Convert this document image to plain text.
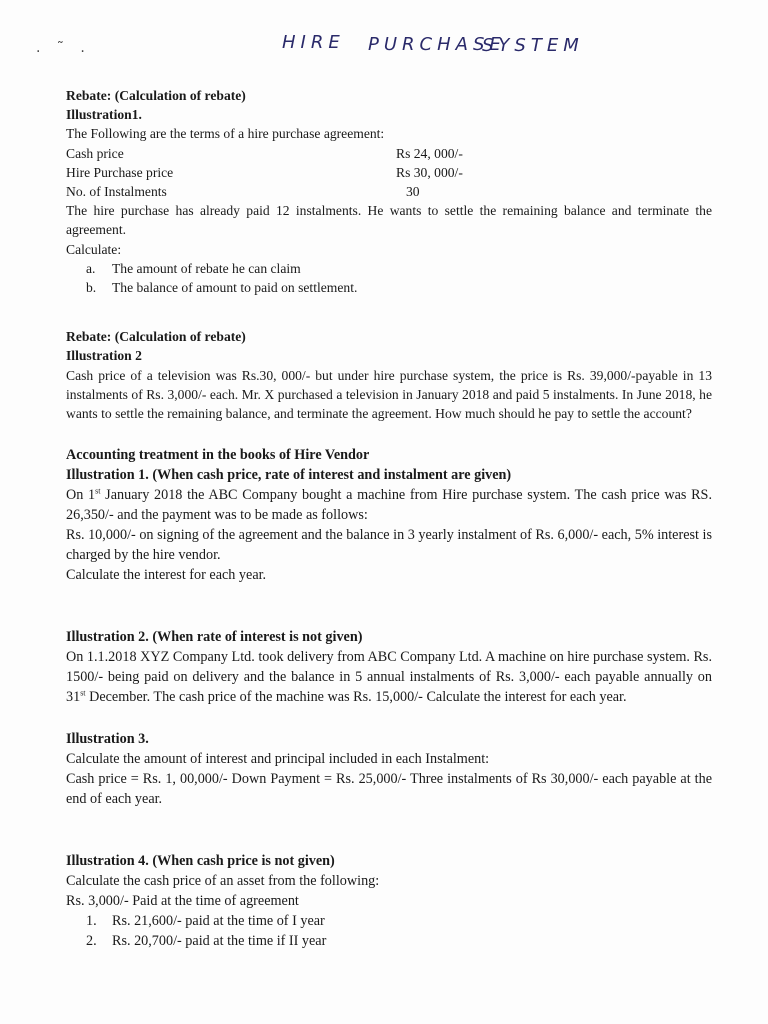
HIRE PURCHASE
SYSTEM
. ˜ .
Rebate: (Calculation of rebate)
Illustration1.
The Following are the terms of a hire purchase agreement:
Cash price	Rs 24, 000/-
Hire Purchase price	Rs 30, 000/-
No. of Instalments	30
The hire purchase has already paid 12 instalments. He wants to settle the remaining balance and terminate the agreement.
Calculate:
a.	The amount of rebate he can claim
b.	The balance of amount to paid on settlement.
Rebate: (Calculation of rebate)
Illustration 2
Cash price of a television was Rs.30, 000/- but under hire purchase system, the price is Rs. 39,000/-payable in 13 instalments of Rs. 3,000/- each. Mr. X purchased a television in January 2018 and paid 5 instalments. In June 2018, he wants to settle the remaining balance, and terminate the agreement. How much should he pay to settle the account?
Accounting treatment in the books of Hire Vendor
Illustration 1. (When cash price, rate of interest and instalment are given)
On 1st January 2018 the ABC Company bought a machine from Hire purchase system. The cash price was RS. 26,350/- and the payment was to be made as follows:
Rs. 10,000/- on signing of the agreement and the balance in 3 yearly instalment of Rs. 6,000/- each, 5% interest is charged by the hire vendor.
Calculate the interest for each year.
Illustration 2. (When rate of interest is not given)
On 1.1.2018 XYZ Company Ltd. took delivery from ABC Company Ltd. A machine on hire purchase system. Rs. 1500/- being paid on delivery and the balance in 5 annual instalments of Rs. 3,000/- each payable annually on 31st December. The cash price of the machine was Rs. 15,000/- Calculate the interest for each year.
Illustration 3.
Calculate the amount of interest and principal included in each Instalment:
Cash price = Rs. 1, 00,000/- Down Payment = Rs. 25,000/- Three instalments of Rs 30,000/- each payable at the end of each year.
Illustration 4. (When cash price is not given)
Calculate the cash price of an asset from the following:
Rs. 3,000/- Paid at the time of agreement
1.	Rs. 21,600/- paid at the time of I year
2.	Rs. 20,700/- paid at the time if II year
